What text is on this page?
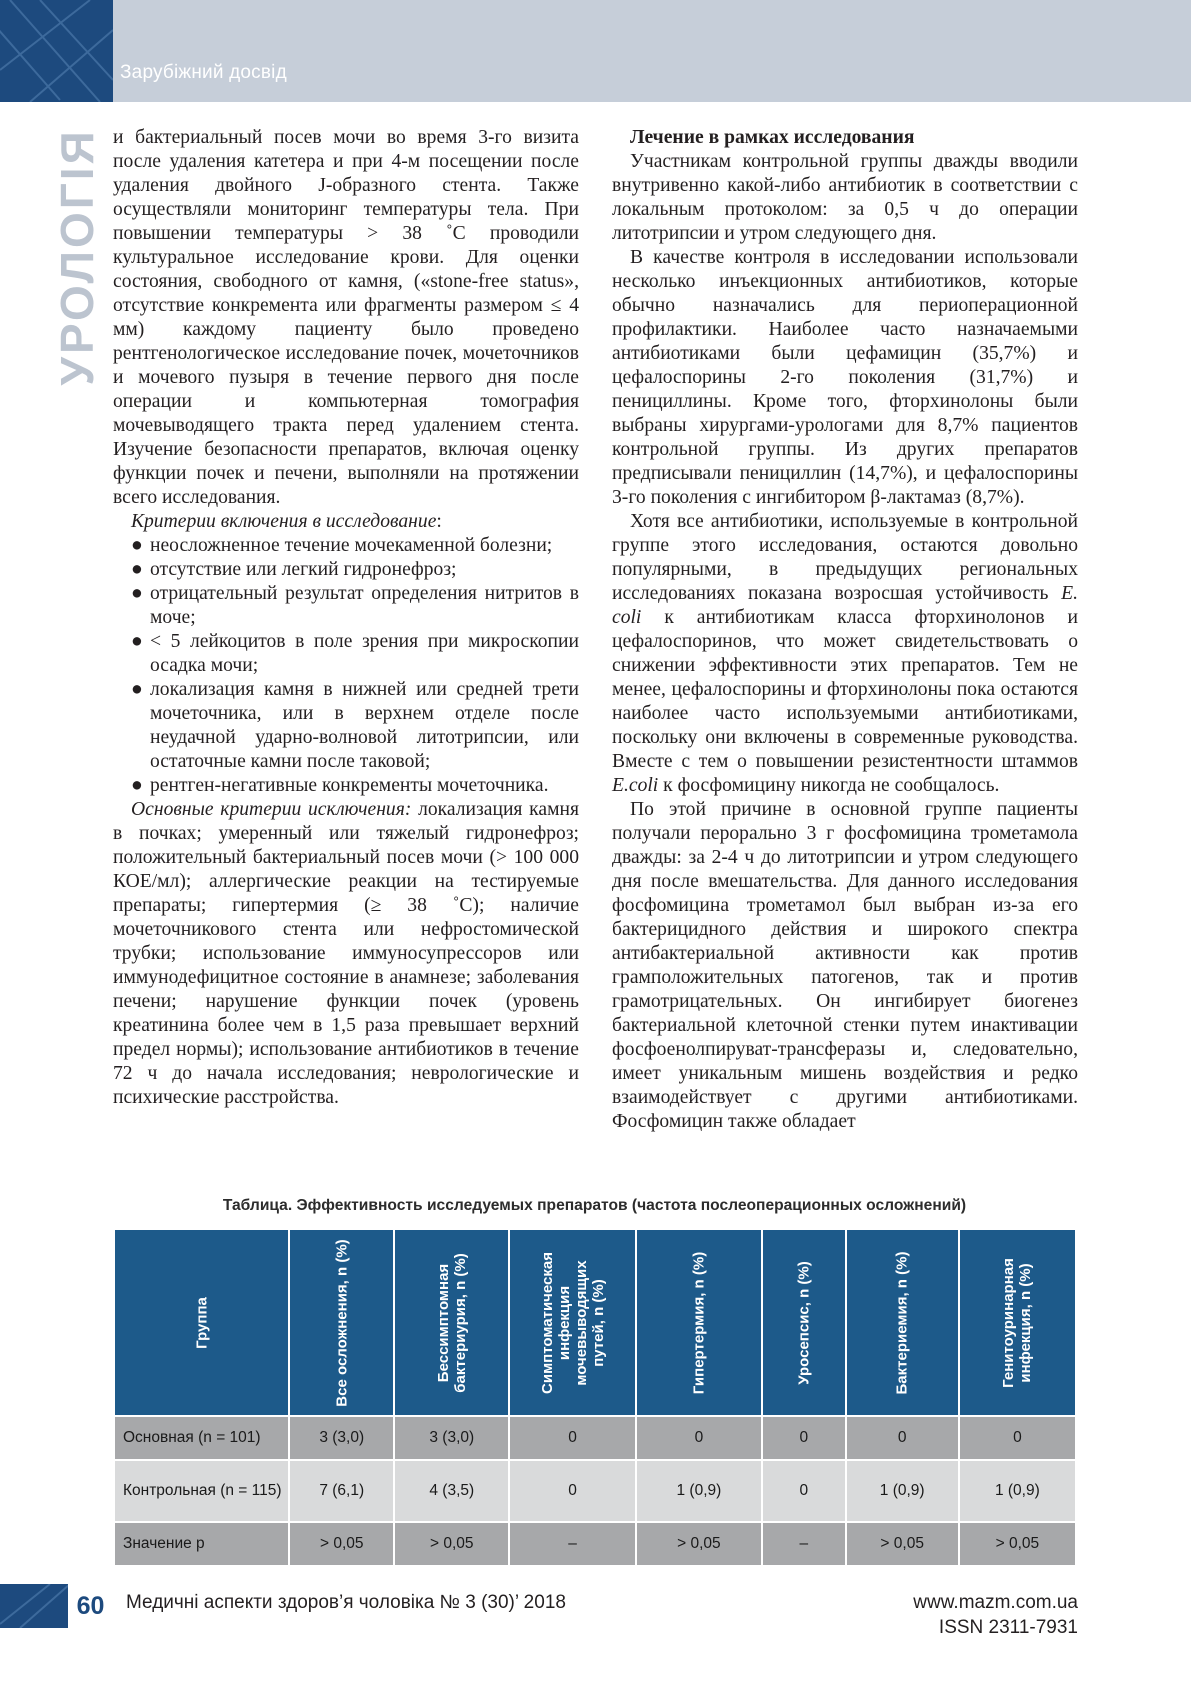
Зарубіжний досвід
УРОЛОГІЯ и бактериальный посев мочи во время 3-го визита после удаления катетера и при 4-м посещении после удаления двойного J-образного стента. Также осуществляли мониторинг температуры тела. При повышении температуры > 38 ˚C проводили культуральное исследование крови. Для оценки состояния, свободного от камня, («stone-free status», отсутствие конкремента или фрагменты размером ≤ 4 мм) каждому пациенту было проведено рентгенологическое исследование почек, мочеточников и мочевого пузыря в течение первого дня после операции и компьютерная томография мочевыводящего тракта перед удалением стента. Изучение безопасности препаратов, включая оценку функции почек и печени, выполняли на протяжении всего исследования.

Критерии включения в исследование:

● неосложненное течение мочекаменной болезни;
● отсутствие или легкий гидронефроз;
● отрицательный результат определения нитритов в моче;
● < 5 лейкоцитов в поле зрения при микроскопии осадка мочи;
● локализация камня в нижней или средней трети мочеточника, или в верхнем отделе после неудачной ударно-волновой литотрипсии, или остаточные камни после таковой;
● рентген-негативные конкременты мочеточника.

Основные критерии исключения: локализация камня в почках; умеренный или тяжелый гидронефроз; положительный бактериальный посев мочи (> 100 000 КОЕ/мл); аллергические реакции на тестируемые препараты; гипертермия (≥ 38 ˚C); наличие мочеточникового стента или нефростомической трубки; использование иммуносупрессоров или иммунодефицитное состояние в анамнезе; заболевания печени; нарушение функции почек (уровень креатинина более чем в 1,5 раза превышает верхний предел нормы); использование антибиотиков в течение 72 ч до начала исследования; неврологические и психические расстройства.

Лечение в рамках исследования

Участникам контрольной группы дважды вводили внутривенно какой-либо антибиотик в соответствии с локальным протоколом: за 0,5 ч до операции литотрипсии и утром следующего дня.

В качестве контроля в исследовании использовали несколько инъекционных антибиотиков, которые обычно назначались для периоперационной профилактики. Наиболее часто назначаемыми антибиотиками были цефамицин (35,7%) и цефалоспорины 2-го поколения (31,7%) и пенициллины. Кроме того, фторхинолоны были выбраны хирургами-урологами для 8,7% пациентов контрольной группы. Из других препаратов предписывали пенициллин (14,7%), и цефалоспорины 3-го поколения с ингибитором β-лактамаз (8,7%).

Хотя все антибиотики, используемые в контрольной группе этого исследования, остаются довольно популярными, в предыдущих региональных исследованиях показана возросшая устойчивость E. coli к антибиотикам класса фторхинолонов и цефалоспоринов, что может свидетельствовать о снижении эффективности этих препаратов. Тем не менее, цефалоспорины и фторхинолоны пока остаются наиболее часто используемыми антибиотиками, поскольку они включены в современные руководства. Вместе с тем о повышении резистентности штаммов E.coli к фосфомицину никогда не сообщалось.

По этой причине в основной группе пациенты получали перорально 3 г фосфомицина трометамола дважды: за 2-4 ч до литотрипсии и утром следующего дня после вмешательства. Для данного исследования фосфомицина трометамол был выбран из-за его бактерицидного действия и широкого спектра антибактериальной активности как против грамположительных патогенов, так и против грамотрицательных. Он ингибирует биогенез бактериальной клеточной стенки путем инактивации фосфоенолпируват-трансферазы и, следовательно, имеет уникальным мишень воздействия и редко взаимодействует с другими антибиотиками. Фосфомицин также обладает

Таблица. Эффективность исследуемых препаратов (частота послеоперационных осложнений)
Группа	Все осложнения, n (%)	Бессимптомная бактериурия, n (%)	Симптоматическая инфекция мочевыводящих путей, n (%)	Гипертермия, n (%)	Уросепсис, n (%)	Бактериемия, n (%)	Генитоуринарная инфекция, n (%)

Основная (n = 101)	3 (3,0)	3 (3,0)	0	0	0	0	0
Контрольная (n = 115)	7 (6,1)	4 (3,5)	0	1 (0,9)	0	1 (0,9)	1 (0,9)
Значение р	> 0,05	> 0,05	–	> 0,05	–	> 0,05	> 0,05
60	Медичні аспекти здоров’я чоловіка № 3 (30)’ 2018	www.mazm.com.ua
ISSN 2311-7931
